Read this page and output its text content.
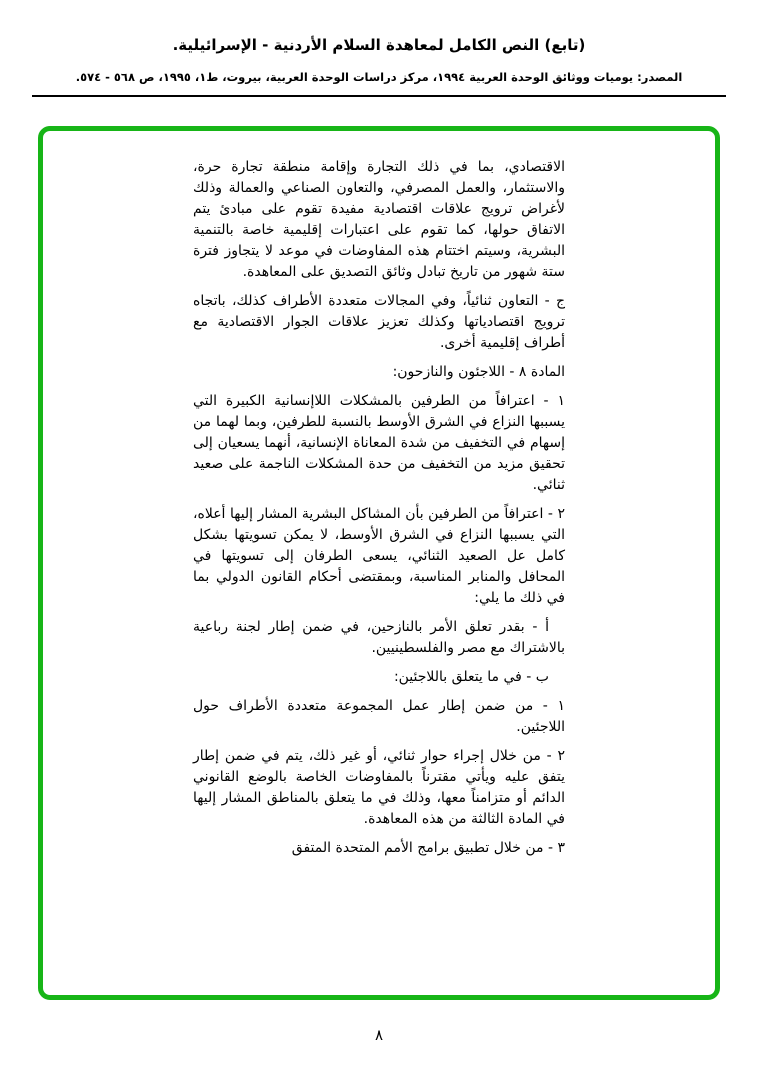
(تابع) النص الكامل لمعاهدة السلام الأردنية - الإسرائيلية.
المصدر: يوميات ووثائق الوحدة العربية ١٩٩٤، مركز دراسات الوحدة العربية، بيروت، ط١، ١٩٩٥، ص ٥٦٨ - ٥٧٤.

الاقتصادي، بما في ذلك التجارة وإقامة منطقة تجارة حرة، والاستثمار، والعمل المصرفي، والتعاون الصناعي والعمالة وذلك لأغراض ترويج علاقات اقتصادية مفيدة تقوم على مبادئ يتم الاتفاق حولها، كما تقوم على اعتبارات إقليمية خاصة بالتنمية البشرية، وسيتم اختتام هذه المفاوضات في موعد لا يتجاوز فترة ستة شهور من تاريخ تبادل وثائق التصديق على المعاهدة.

ج - التعاون ثنائياً، وفي المجالات متعددة الأطراف كذلك، باتجاه ترويج اقتصادياتها وكذلك تعزيز علاقات الجوار الاقتصادية مع أطراف إقليمية أخرى.

المادة ٨ - اللاجئون والنازحون:

١ - اعترافاً من الطرفين بالمشكلات اللاإنسانية الكبيرة التي يسببها النزاع في الشرق الأوسط بالنسبة للطرفين، وبما لهما من إسهام في التخفيف من شدة المعاناة الإنسانية، أنهما يسعيان إلى تحقيق مزيد من التخفيف من حدة المشكلات الناجمة على صعيد ثنائي.

٢ - اعترافاً من الطرفين بأن المشاكل البشرية المشار إليها أعلاه، التي يسببها النزاع في الشرق الأوسط، لا يمكن تسويتها بشكل كامل عل الصعيد الثنائي، يسعى الطرفان إلى تسويتها في المحافل والمنابر المناسبة، وبمقتضى أحكام القانون الدولي بما في ذلك ما يلي:

أ - بقدر تعلق الأمر بالنازحين، في ضمن إطار لجنة رباعية بالاشتراك مع مصر والفلسطينيين.

ب - في ما يتعلق باللاجئين:

١ - من ضمن إطار عمل المجموعة متعددة الأطراف حول اللاجئين.

٢ - من خلال إجراء حوار ثنائي، أو غير ذلك، يتم في ضمن إطار يتفق عليه ويأتي مقترناً بالمفاوضات الخاصة بالوضع القانوني الدائم أو متزامناً معها، وذلك في ما يتعلق بالمناطق المشار إليها في المادة الثالثة من هذه المعاهدة.

٣ - من خلال تطبيق برامج الأمم المتحدة المتفق

٨
